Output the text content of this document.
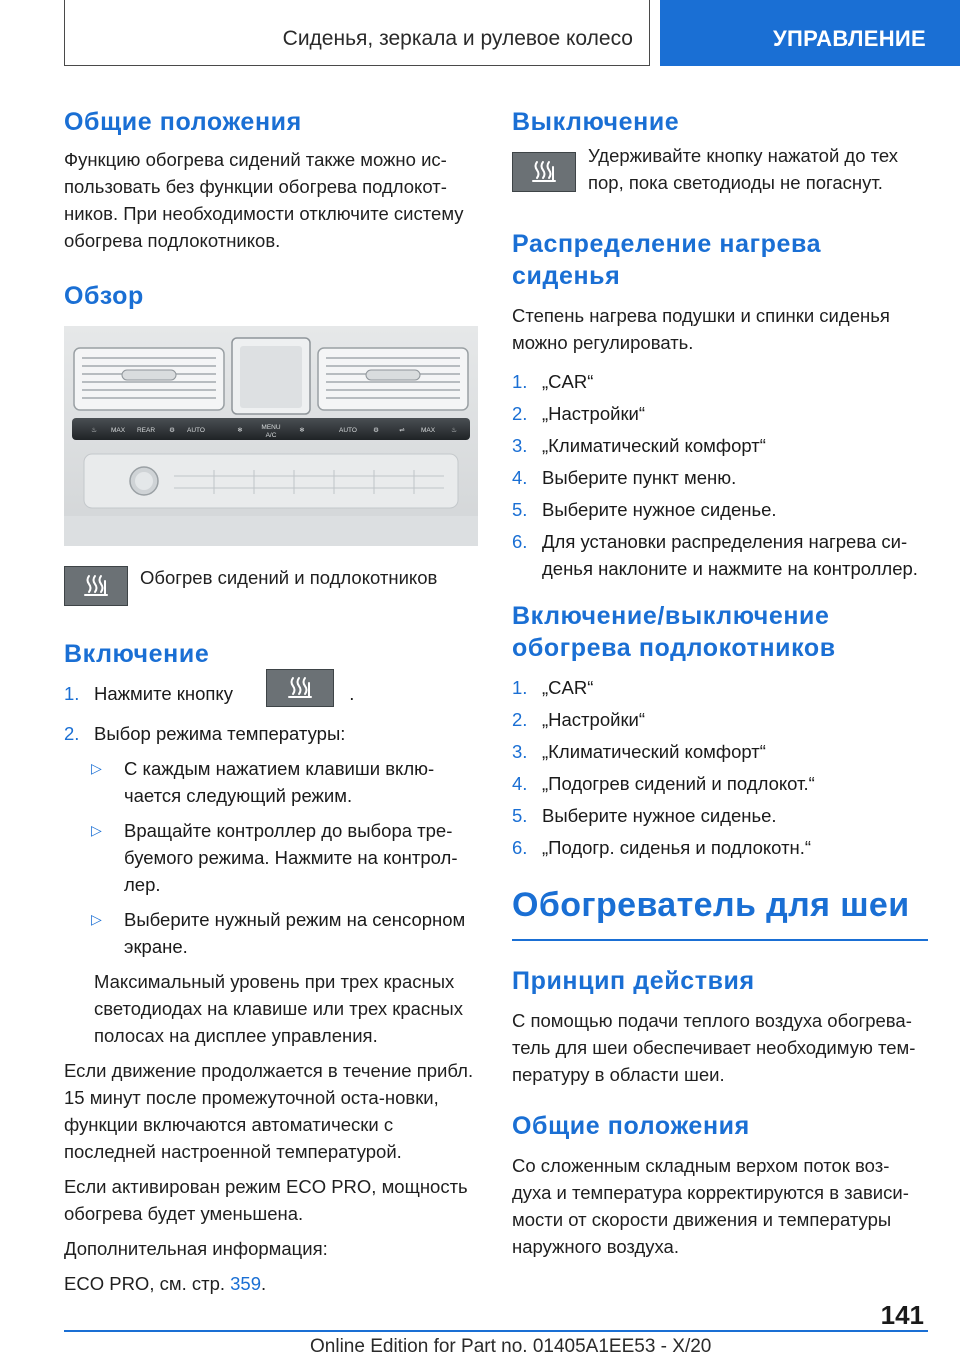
Сиденья, зеркала и рулевое колесо	УПРАВЛЕНИЕ
Общие положения

Функцию обогрева сидений также можно ис-пользовать без функции обогрева подлокот-ников. При необходимости отключите систему обогрева подлокотников.

Обзор
♨ MAX REAR ⚙ AUTO	❄	MENU
A/C
❄	AUTO ⚙	⇌ MAX ♨

Обогрев сидений и подлокотников

Включение
1. Нажмите кнопку	.
2. Выбор режима температуры:
▷ С каждым нажатием клавиши вклю-чается следующий режим.
▷ Вращайте контроллер до выбора тре-буемого режима. Нажмите на контрол-лер.
▷ Выберите нужный режим на сенсорном экране.

Максимальный уровень при трех красных светодиодах на клавише или трех красных полосах на дисплее управления.

Если движение продолжается в течение прибл. 15 минут после промежуточной оста-новки, функции включаются автоматически с последней настроенной температурой.

Если активирован режим ECO PRO, мощность обогрева будет уменьшена.

Дополнительная информация:

ECO PRO, см. стр. 359.

Выключение

Удерживайте кнопку нажатой до тех пор, пока светодиоды не погаснут.

Распределение нагрева сиденья

Степень нагрева подушки и спинки сиденья можно регулировать.

1. „CAR“
2. „Настройки“
3. „Климатический комфорт“
4. Выберите пункт меню.
5. Выберите нужное сиденье.
6. Для установки распределения нагрева си-денья наклоните и нажмите на контроллер.
Включение/выключение обогрева подлокотников
1. „CAR“
2. „Настройки“
3. „Климатический комфорт“
4. „Подогрев сидений и подлокот.“
5. Выберите нужное сиденье.
6. „Подогр. сиденья и подлокотн.“
Обогреватель для шеи
Принцип действия

С помощью подачи теплого воздуха обогрева-тель для шеи обеспечивает необходимую тем-пературу в области шеи.

Общие положения

Со сложенным складным верхом поток воз-духа и температура корректируются в зависи-мости от скорости движения и температуры наружного воздуха.

141
Online Edition for Part no. 01405A1EE53 - X/20
